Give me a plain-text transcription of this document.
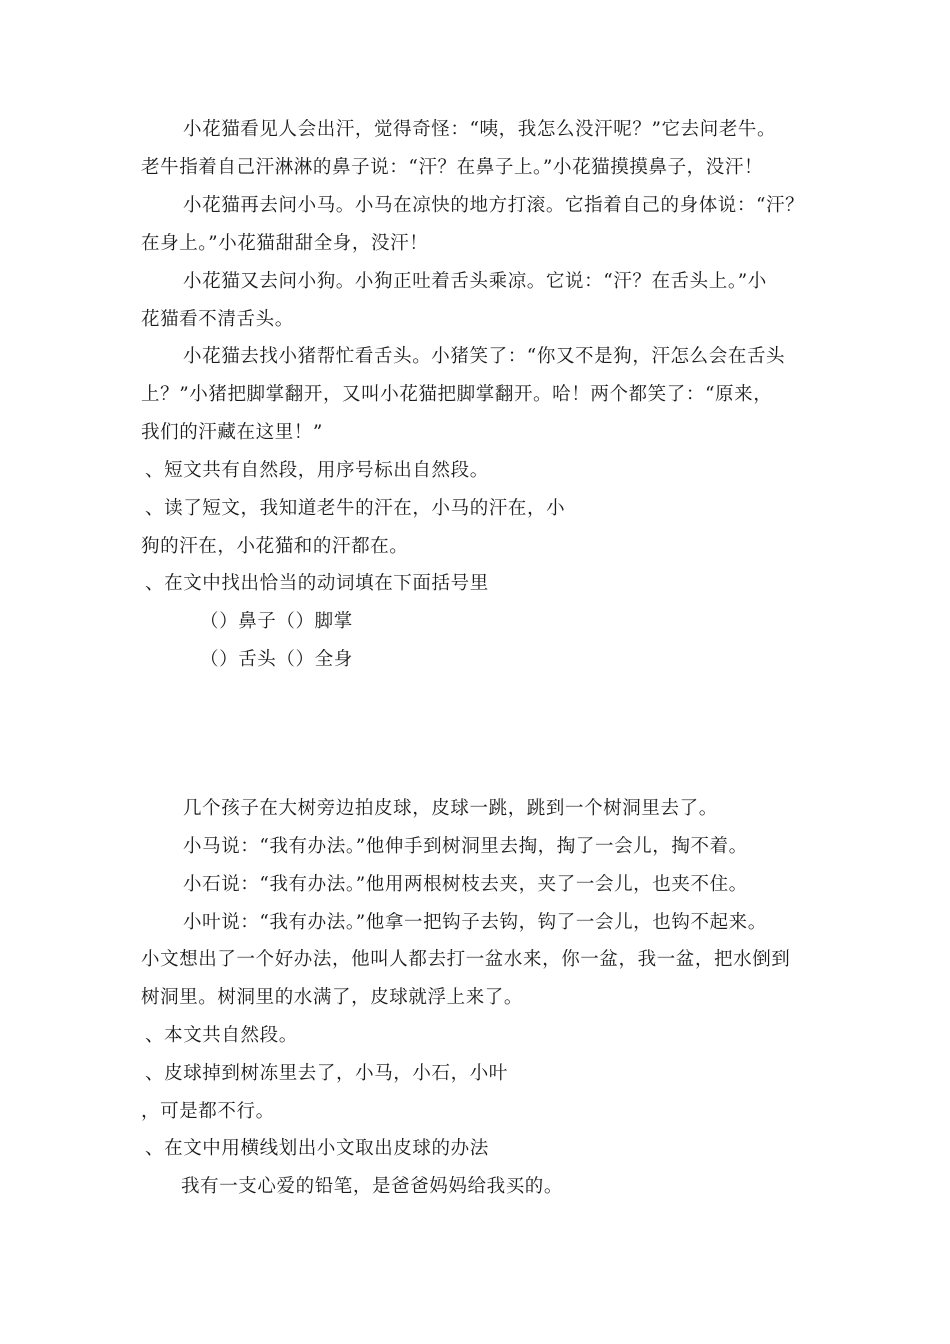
小花猫看见人会出汗，觉得奇怪：“咦，我怎么没汗呢？”它去问老牛。
老牛指着自己汗淋淋的鼻子说：“汗？在鼻子上。”小花猫摸摸鼻子，没汗！
小花猫再去问小马。小马在凉快的地方打滚。它指着自己的身体说：“汗？
在身上。”小花猫甜甜全身，没汗！
小花猫又去问小狗。小狗正吐着舌头乘凉。它说：“汗？在舌头上。”小
花猫看不清舌头。
小花猫去找小猪帮忙看舌头。小猪笑了：“你又不是狗，汗怎么会在舌头
上？”小猪把脚掌翻开，又叫小花猫把脚掌翻开。哈！两个都笑了：“原来，
我们的汗藏在这里！”
、短文共有自然段，用序号标出自然段。
、读了短文，我知道老牛的汗在，小马的汗在，小
狗的汗在，小花猫和的汗都在。
、在文中找出恰当的动词填在下面括号里
（）鼻子（）脚掌
（）舌头（）全身
几个孩子在大树旁边拍皮球，皮球一跳，跳到一个树洞里去了。
小马说：“我有办法。”他伸手到树洞里去掏，掏了一会儿，掏不着。
小石说：“我有办法。”他用两根树枝去夹，夹了一会儿，也夹不住。
小叶说：“我有办法。”他拿一把钩子去钩，钩了一会儿，也钩不起来。
小文想出了一个好办法，他叫人都去打一盆水来，你一盆，我一盆，把水倒到
树洞里。树洞里的水满了，皮球就浮上来了。
、本文共自然段。
、皮球掉到树冻里去了，小马，小石，小叶
，可是都不行。
、在文中用横线划出小文取出皮球的办法
我有一支心爱的铅笔，是爸爸妈妈给我买的。
